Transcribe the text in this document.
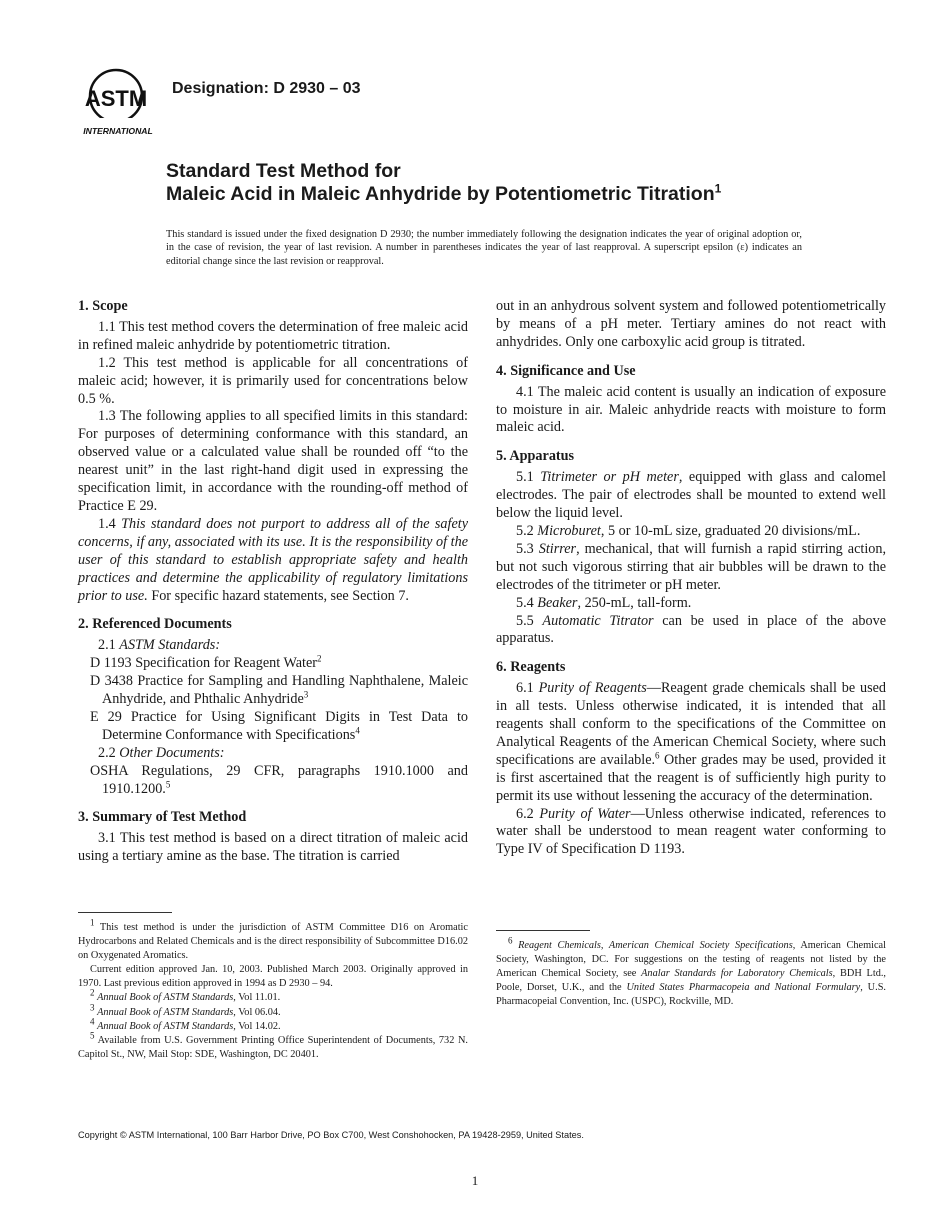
ASTM
INTERNATIONAL
Designation: D 2930 – 03
Standard Test Method for
Maleic Acid in Maleic Anhydride by Potentiometric Titration$^1$
This standard is issued under the fixed designation D 2930; the number immediately following the designation indicates the year of original adoption or, in the case of revision, the year of last revision. A number in parentheses indicates the year of last reapproval. A superscript epsilon (ε) indicates an editorial change since the last revision or reapproval.
1. Scope

1.1 This test method covers the determination of free maleic acid in refined maleic anhydride by potentiometric titration.

1.2 This test method is applicable for all concentrations of maleic acid; however, it is primarily used for concentrations below 0.5 %.

1.3 The following applies to all specified limits in this standard: For purposes of determining conformance with this standard, an observed value or a calculated value shall be rounded off “to the nearest unit” in the last right-hand digit used in expressing the specification limit, in accordance with the rounding-off method of Practice E 29.

1.4 This standard does not purport to address all of the safety concerns, if any, associated with its use. It is the responsibility of the user of this standard to establish appropriate safety and health practices and determine the applicability of regulatory limitations prior to use. For specific hazard statements, see Section 7.

2. Referenced Documents

2.1 ASTM Standards:

D 1193 Specification for Reagent Water$^2$
D 3438 Practice for Sampling and Handling Naphthalene, Maleic Anhydride, and Phthalic Anhydride$^3$
E 29 Practice for Using Significant Digits in Test Data to Determine Conformance with Specifications$^4$

2.2 Other Documents:

OSHA Regulations, 29 CFR, paragraphs 1910.1000 and 1910.1200.$^5$
3. Summary of Test Method

3.1 This test method is based on a direct titration of maleic acid using a tertiary amine as the base. The titration is carried

out in an anhydrous solvent system and followed potentiometrically by means of a pH meter. Tertiary amines do not react with anhydrides. Only one carboxylic acid group is titrated.

4. Significance and Use

4.1 The maleic acid content is usually an indication of exposure to moisture in air. Maleic anhydride reacts with moisture to form maleic acid.

5. Apparatus

5.1 Titrimeter or pH meter, equipped with glass and calomel electrodes. The pair of electrodes shall be mounted to extend well below the liquid level.

5.2 Microburet, 5 or 10-mL size, graduated 20 divisions/mL.

5.3 Stirrer, mechanical, that will furnish a rapid stirring action, but not such vigorous stirring that air bubbles will be drawn to the electrodes of the titrimeter or pH meter.

5.4 Beaker, 250-mL, tall-form.

5.5 Automatic Titrator can be used in place of the above apparatus.

6. Reagents

6.1 Purity of Reagents—Reagent grade chemicals shall be used in all tests. Unless otherwise indicated, it is intended that all reagents shall conform to the specifications of the Committee on Analytical Reagents of the American Chemical Society, where such specifications are available.$^6$ Other grades may be used, provided it is first ascertained that the reagent is of sufficiently high purity to permit its use without lessening the accuracy of the determination.

6.2 Purity of Water—Unless otherwise indicated, references to water shall be understood to mean reagent water conforming to Type IV of Specification D 1193.

$^1$ This test method is under the jurisdiction of ASTM Committee D16 on Aromatic Hydrocarbons and Related Chemicals and is the direct responsibility of Subcommittee D16.02 on Oxygenated Aromatics.

Current edition approved Jan. 10, 2003. Published March 2003. Originally approved in 1970. Last previous edition approved in 1994 as D 2930 – 94.

$^2$ Annual Book of ASTM Standards, Vol 11.01.

$^3$ Annual Book of ASTM Standards, Vol 06.04.

$^4$ Annual Book of ASTM Standards, Vol 14.02.

$^5$ Available from U.S. Government Printing Office Superintendent of Documents, 732 N. Capitol St., NW, Mail Stop: SDE, Washington, DC 20401.

$^6$ Reagent Chemicals, American Chemical Society Specifications, American Chemical Society, Washington, DC. For suggestions on the testing of reagents not listed by the American Chemical Society, see Analar Standards for Laboratory Chemicals, BDH Ltd., Poole, Dorset, U.K., and the United States Pharmacopeia and National Formulary, U.S. Pharmacopeial Convention, Inc. (USPC), Rockville, MD.

Copyright © ASTM International, 100 Barr Harbor Drive, PO Box C700, West Conshohocken, PA 19428-2959, United States.
1
